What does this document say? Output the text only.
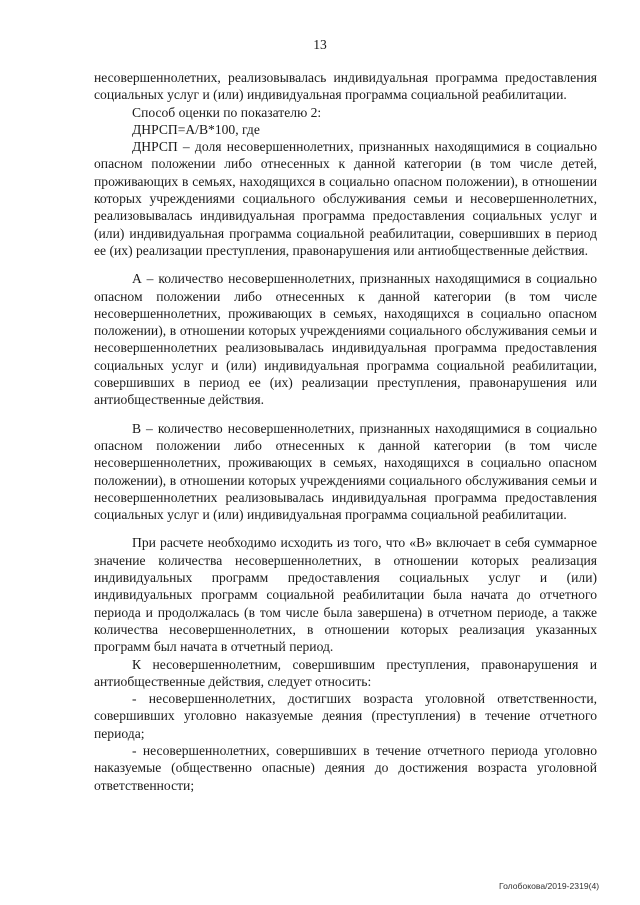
13

несовершеннолетних, реализовывалась индивидуальная программа предоставления социальных услуг и (или) индивидуальная программа социальной реабилитации.

Способ оценки по показателю 2:

ДНРСП=А/В*100, где

ДНРСП – доля несовершеннолетних, признанных находящимися в социально опасном положении либо отнесенных к данной категории (в том числе детей, проживающих в семьях, находящихся в социально опасном положении), в отношении которых учреждениями социального обслуживания семьи и несовершеннолетних, реализовывалась индивидуальная программа предоставления социальных услуг и (или) индивидуальная программа социальной реабилитации, совершивших в период ее (их) реализации преступления, правонарушения или антиобщественные действия.

А – количество несовершеннолетних, признанных находящимися в социально опасном положении либо отнесенных к данной категории (в том числе несовершеннолетних, проживающих в семьях, находящихся в социально опасном положении), в отношении которых учреждениями социального обслуживания семьи и несовершеннолетних реализовывалась индивидуальная программа предоставления социальных услуг и (или) индивидуальная программа социальной реабилитации, совершивших в период ее (их) реализации преступления, правонарушения или антиобщественные действия.

В – количество несовершеннолетних, признанных находящимися в социально опасном положении либо отнесенных к данной категории (в том числе несовершеннолетних, проживающих в семьях, находящихся в социально опасном положении), в отношении которых учреждениями социального обслуживания семьи и несовершеннолетних реализовывалась индивидуальная программа предоставления социальных услуг и (или) индивидуальная программа социальной реабилитации.

При расчете необходимо исходить из того, что «В» включает в себя суммарное значение количества несовершеннолетних, в отношении которых реализация индивидуальных программ предоставления социальных услуг и (или) индивидуальных программ социальной реабилитации была начата до отчетного периода и продолжалась (в том числе была завершена) в отчетном периоде, а также количества несовершеннолетних, в отношении которых реализация указанных программ был начата в отчетный период.

К несовершеннолетним, совершившим преступления, правонарушения и антиобщественные действия, следует относить:

- несовершеннолетних, достигших возраста уголовной ответственности, совершивших уголовно наказуемые деяния (преступления) в течение отчетного периода;

- несовершеннолетних, совершивших в течение отчетного периода уголовно наказуемые (общественно опасные) деяния до достижения возраста уголовной ответственности;

Голобокова/2019-2319(4)
